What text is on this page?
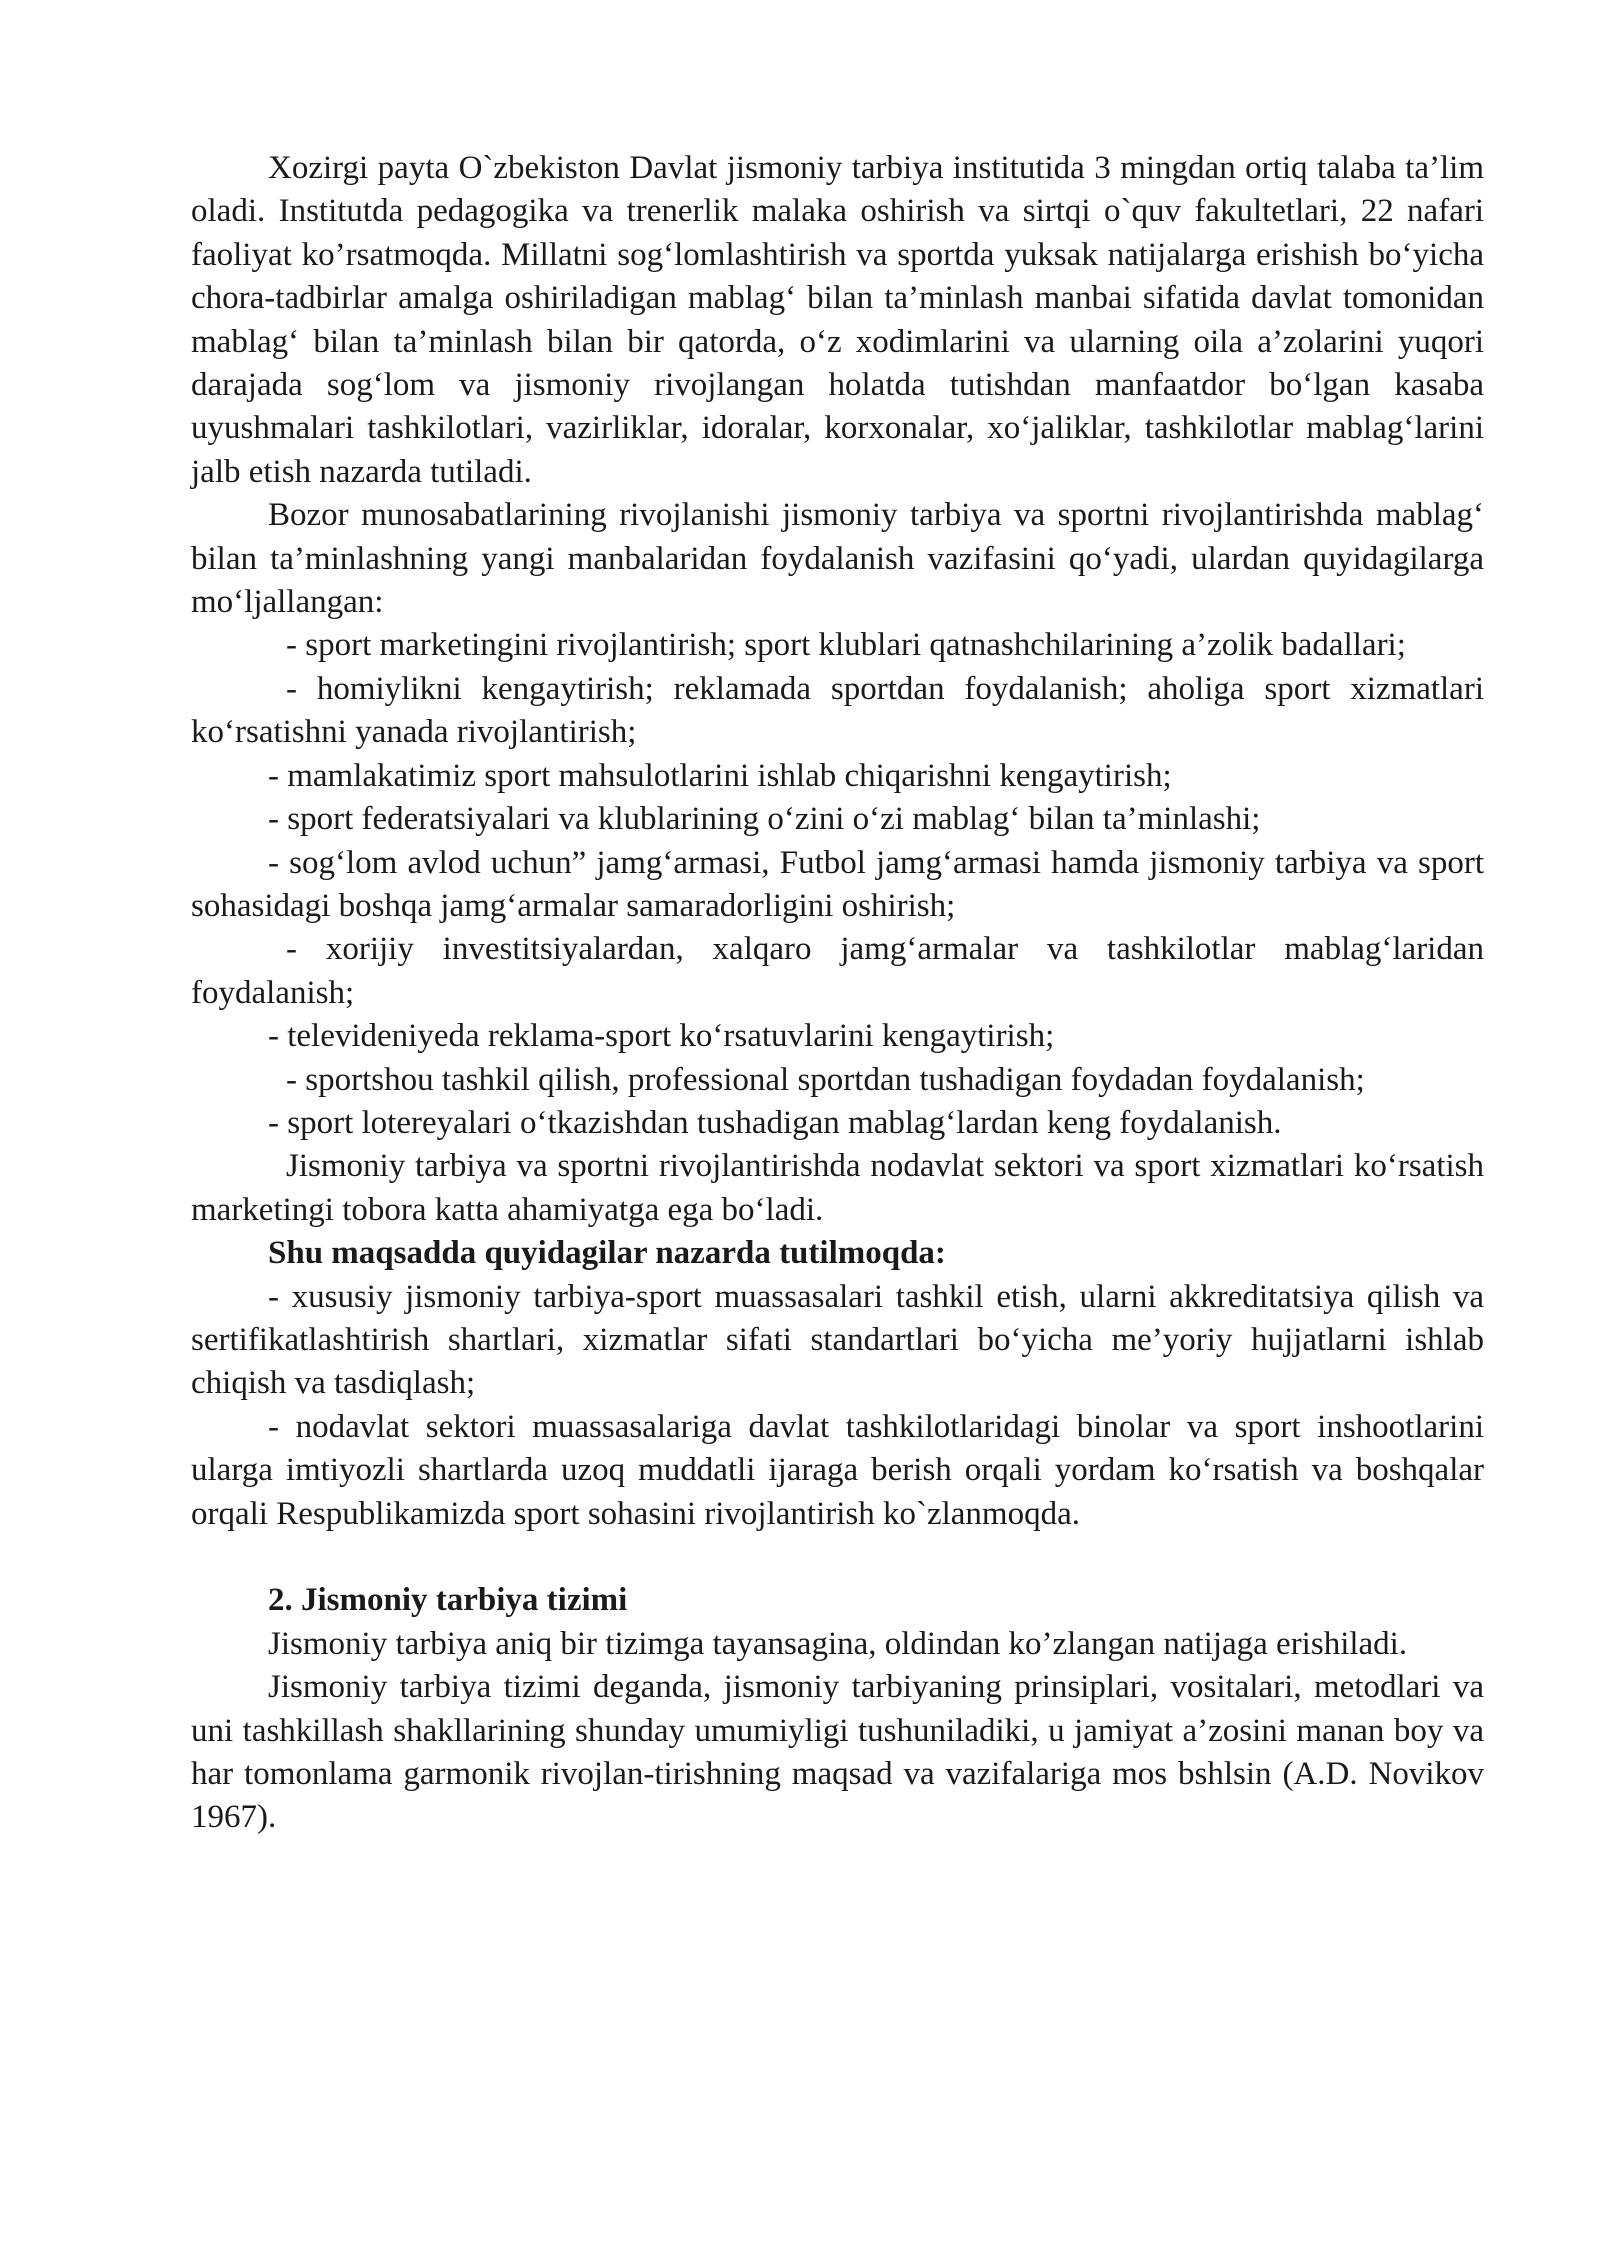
Xozirgi payta O`zbekiston Davlat jismoniy tarbiya institutida 3 mingdan ortiq talaba ta’lim oladi. Institutda pedagogika va trenerlik malaka oshirish va sirtqi o`quv fakultetlari, 22 nafari faoliyat ko’rsatmoqda. Millatni sog‘lomlashtirish va sportda yuksak natijalarga erishish bo‘yicha chora-tadbirlar amalga oshiriladigan mablag‘ bilan ta’minlash manbai sifatida davlat tomonidan mablag‘ bilan ta’minlash bilan bir qatorda, o‘z xodimlarini va ularning oila a’zolarini yuqori darajada sog‘lom va jismoniy rivojlangan holatda tutishdan manfaatdor bo‘lgan kasaba uyushmalari tashkilotlari, vazirliklar, idoralar, korxonalar, xo‘jaliklar, tashkilotlar mablag‘larini jalb etish nazarda tutiladi.

Bozor munosabatlarining rivojlanishi jismoniy tarbiya va sportni rivojlantirishda mablag‘ bilan ta’minlashning yangi manbalaridan foydalanish vazifasini qo‘yadi, ulardan quyidagilarga mo‘ljallangan:

- sport marketingini rivojlantirish; sport klublari qatnashchilarining a’zolik badallari;

- homiylikni kengaytirish; reklamada sportdan foydalanish; aholiga sport xizmatlari ko‘rsatishni yanada rivojlantirish;

- mamlakatimiz sport mahsulotlarini ishlab chiqarishni kengaytirish;

- sport federatsiyalari va klublarining o‘zini o‘zi mablag‘ bilan ta’minlashi;

- sog‘lom avlod uchun” jamg‘armasi, Futbol jamg‘armasi hamda jismoniy tarbiya va sport sohasidagi boshqa jamg‘armalar samaradorligini oshirish;

- xorijiy investitsiyalardan, xalqaro jamg‘armalar va tashkilotlar mablag‘laridan foydalanish;

- televideniyeda reklama-sport ko‘rsatuvlarini kengaytirish;

- sportshou tashkil qilish, professional sportdan tushadigan foydadan foydalanish;

- sport lotereyalari o‘tkazishdan tushadigan mablag‘lardan keng foydalanish.

Jismoniy tarbiya va sportni rivojlantirishda nodavlat sektori va sport xizmatlari ko‘rsatish marketingi tobora katta ahamiyatga ega bo‘ladi.

Shu maqsadda quyidagilar nazarda tutilmoqda:

- xususiy jismoniy tarbiya-sport muassasalari tashkil etish, ularni akkreditatsiya qilish va sertifikatlashtirish shartlari, xizmatlar sifati standartlari bo‘yicha me’yoriy hujjatlarni ishlab chiqish va tasdiqlash;

- nodavlat sektori muassasalariga davlat tashkilotlaridagi binolar va sport inshootlarini ularga imtiyozli shartlarda uzoq muddatli ijaraga berish orqali yordam ko‘rsatish va boshqalar orqali Respublikamizda sport sohasini rivojlantirish ko`zlanmoqda.

2. Jismoniy tarbiya tizimi

Jismoniy tarbiya aniq bir tizimga tayansagina, oldindan ko’zlangan natijaga erishiladi.

Jismoniy tarbiya tizimi deganda, jismoniy tarbiyaning prinsiplari, vositalari, metodlari va uni tashkillash shakllarining shunday umumiyligi tushuniladiki, u jamiyat a’zosini manan boy va har tomonlama garmonik rivojlan-tirishning maqsad va vazifalariga mos bshlsin (A.D. Novikov 1967).
